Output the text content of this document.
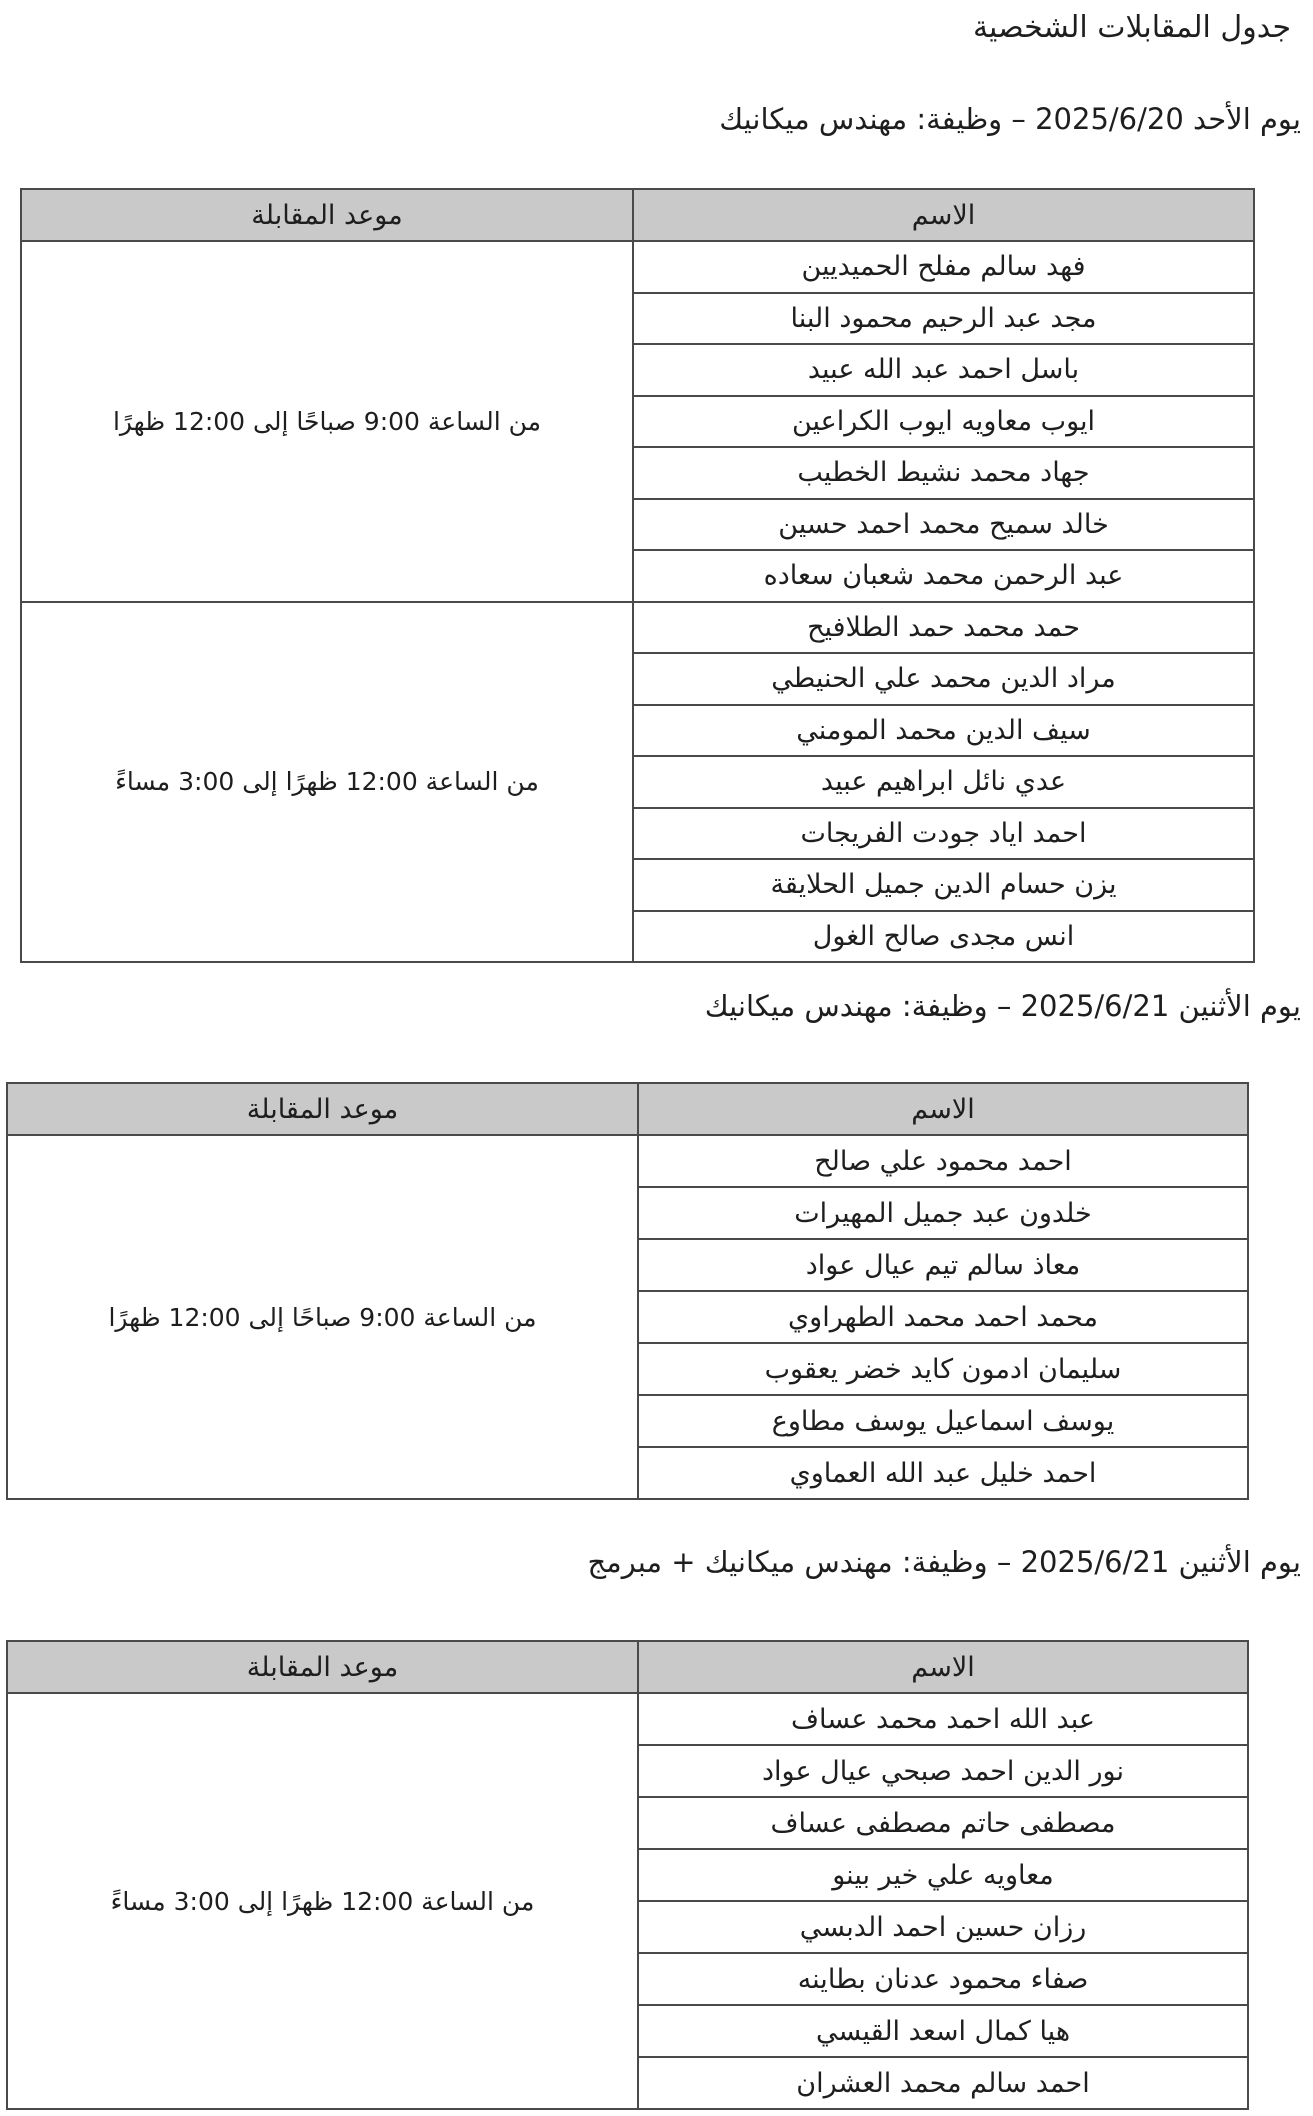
جدول المقابلات الشخصية
يوم الأحد 2025/6/20 – وظيفة: مهندس ميكانيك
الاسم	موعد المقابلة
فهد سالم مفلح الحميديين	من الساعة 9:00 صباحًا إلى 12:00 ظهرًا
مجد عبد الرحيم محمود البنا	
باسل احمد عبد الله عبيد	
ايوب معاويه ايوب الكراعين	
جهاد محمد نشيط الخطيب	
خالد سميح محمد احمد حسين	
عبد الرحمن محمد شعبان سعاده	
حمد محمد حمد الطلافيح	من الساعة 12:00 ظهرًا إلى 3:00 مساءً
مراد الدين محمد علي الحنيطي	
سيف الدين محمد المومني	
عدي نائل ابراهيم عبيد	
احمد اياد جودت الفريجات	
يزن حسام الدين جميل الحلايقة	
انس مجدى صالح الغول	
يوم الأثنين 2025/6/21 – وظيفة: مهندس ميكانيك
الاسم	موعد المقابلة
احمد محمود علي صالح	من الساعة 9:00 صباحًا إلى 12:00 ظهرًا
خلدون عبد جميل المهيرات	
معاذ سالم تيم عيال عواد	
محمد احمد محمد الطهراوي	
سليمان ادمون كايد خضر يعقوب	
يوسف اسماعيل يوسف مطاوع	
احمد خليل عبد الله العماوي	
يوم الأثنين 2025/6/21 – وظيفة: مهندس ميكانيك + مبرمج
الاسم	موعد المقابلة
عبد الله احمد محمد عساف	من الساعة 12:00 ظهرًا إلى 3:00 مساءً
نور الدين احمد صبحي عيال عواد	
مصطفى حاتم مصطفى عساف	
معاويه علي خير بينو	
رزان حسين احمد الدبسي	
صفاء محمود عدنان بطاينه	
هيا كمال اسعد القيسي	
احمد سالم محمد العشران	
